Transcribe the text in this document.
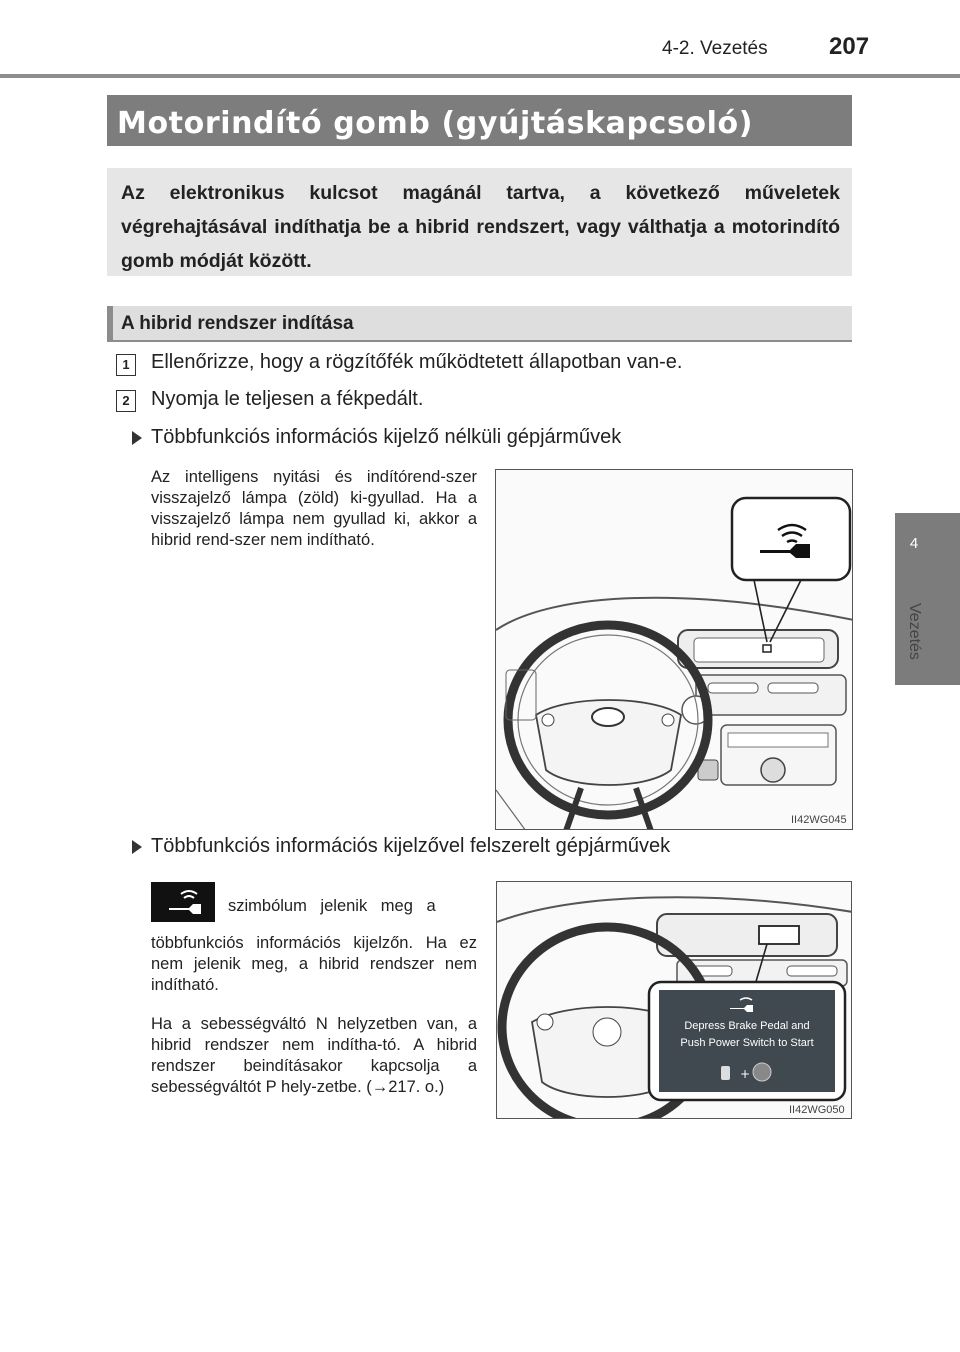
4-2. Vezetés	207
4
Vezetés
Motorindító gomb (gyújtáskapcsoló)
Az elektronikus kulcsot magánál tartva, a következő műveletek végrehajtásával indíthatja be a hibrid rendszert, vagy válthatja a motorindító gomb módját között.
A hibrid rendszer indítása
1	Ellenőrizze, hogy a rögzítőfék működtetett állapotban van-e.
2	Nyomja le teljesen a fékpedált.
Többfunkciós információs kijelző nélküli gépjárművek
Az intelligens nyitási és indítórend-szer visszajelző lámpa (zöld) ki-gyullad. Ha a visszajelző lámpa nem gyullad ki, akkor a hibrid rend-szer nem indítható.
II42WG045
Többfunkciós információs kijelzővel felszerelt gépjárművek
szimbólum jelenik meg a
többfunkciós információs kijelzőn. Ha ez nem jelenik meg, a hibrid rendszer nem indítható.
Ha a sebességváltó N helyzetben van, a hibrid rendszer nem indítha-tó. A hibrid rendszer beindításakor kapcsolja a sebességváltót P hely-zetbe. (→217. o.)
Depress Brake Pedal and
Push Power Switch to Start
+
II42WG050
